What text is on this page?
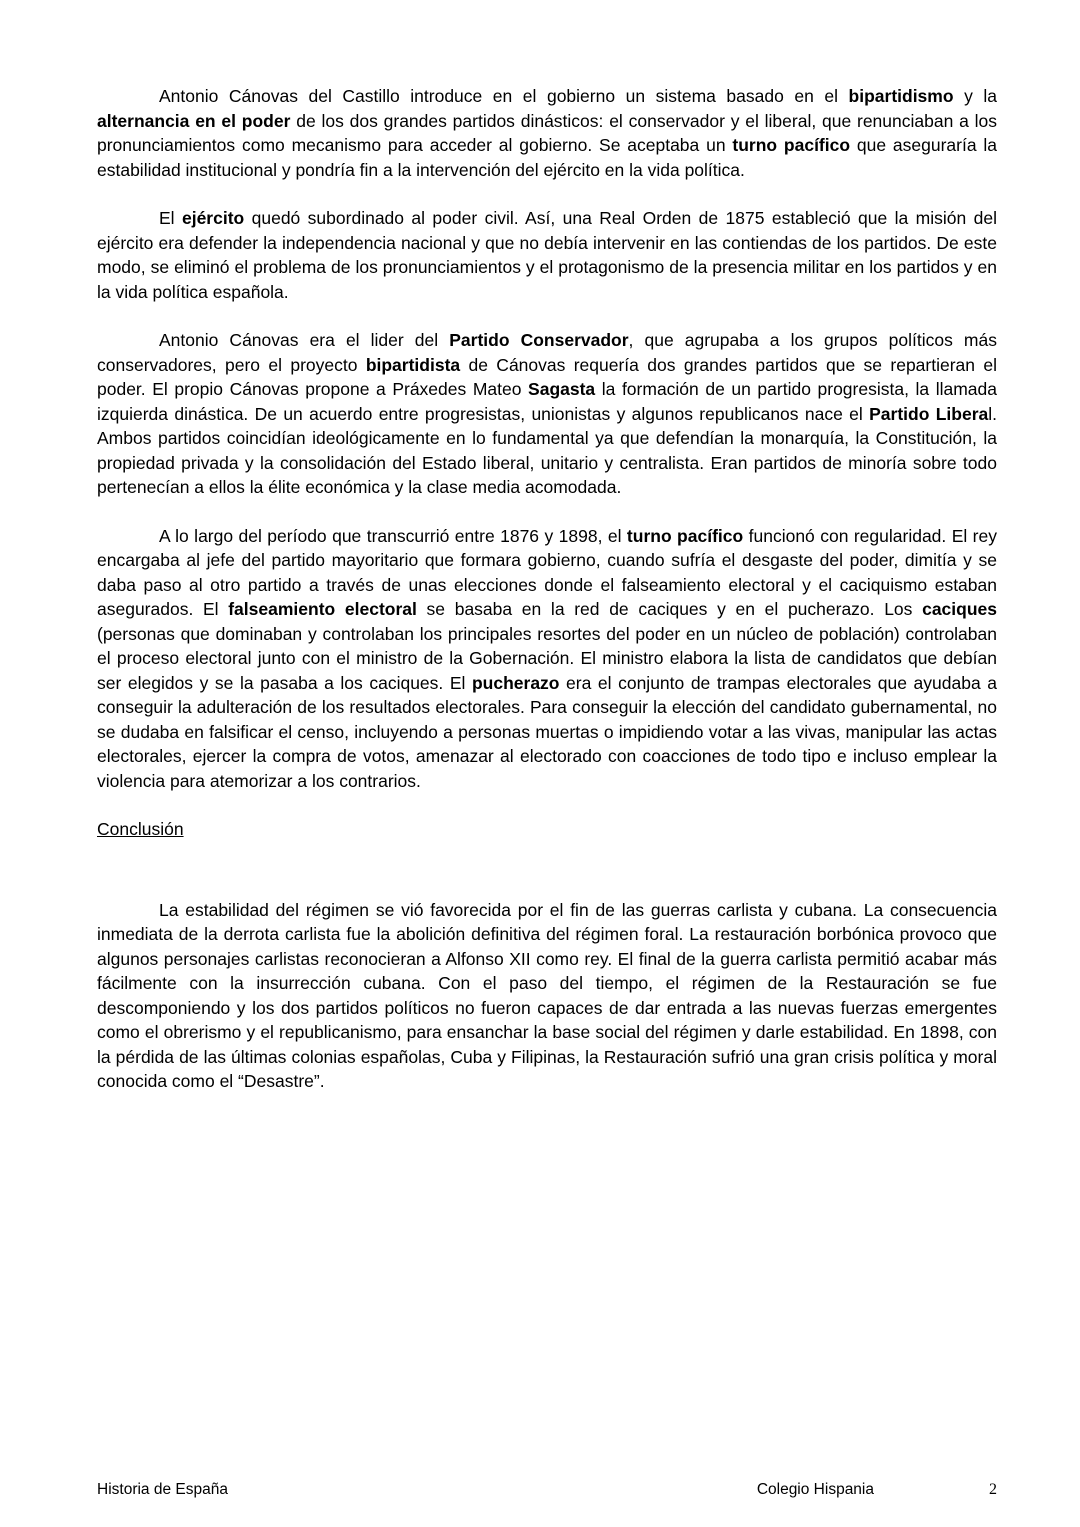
Antonio Cánovas del Castillo introduce en el gobierno un sistema basado en el bipartidismo y la alternancia en el poder de los dos grandes partidos dinásticos: el conservador y el liberal, que renunciaban a los pronunciamientos como mecanismo para acceder al gobierno. Se aceptaba un turno pacífico que aseguraría la estabilidad institucional y pondría fin a la intervención del ejército en la vida política.

El ejército quedó subordinado al poder civil. Así, una Real Orden de 1875 estableció que la misión del ejército era defender la independencia nacional y que no debía intervenir en las contiendas de los partidos. De este modo, se eliminó el problema de los pronunciamientos y el protagonismo de la presencia militar en los partidos y en la vida política española.

Antonio Cánovas era el lider del Partido Conservador, que agrupaba a los grupos políticos más conservadores, pero el proyecto bipartidista de Cánovas requería dos grandes partidos que se repartieran el poder. El propio Cánovas propone a Práxedes Mateo Sagasta la formación de un partido progresista, la llamada izquierda dinástica. De un acuerdo entre progresistas, unionistas y algunos republicanos nace el Partido Liberal. Ambos partidos coincidían ideológicamente en lo fundamental ya que defendían la monarquía, la Constitución, la propiedad privada y la consolidación del Estado liberal, unitario y centralista. Eran partidos de minoría sobre todo pertenecían a ellos la élite económica y la clase media acomodada.

A lo largo del período que transcurrió entre 1876 y 1898, el turno pacífico funcionó con regularidad. El rey encargaba al jefe del partido mayoritario que formara gobierno, cuando sufría el desgaste del poder, dimitía y se daba paso al otro partido a través de unas elecciones donde el falseamiento electoral y el caciquismo estaban asegurados. El falseamiento electoral se basaba en la red de caciques y en el pucherazo. Los caciques (personas que dominaban y controlaban los principales resortes del poder en un núcleo de población) controlaban el proceso electoral junto con el ministro de la Gobernación. El ministro elabora la lista de candidatos que debían ser elegidos y se la pasaba a los caciques. El pucherazo era el conjunto de trampas electorales que ayudaba a conseguir la adulteración de los resultados electorales. Para conseguir la elección del candidato gubernamental, no se dudaba en falsificar el censo, incluyendo a personas muertas o impidiendo votar a las vivas, manipular las actas electorales, ejercer la compra de votos, amenazar al electorado con coacciones de todo tipo e incluso emplear la violencia para atemorizar a los contrarios.

Conclusión

La estabilidad del régimen se vió favorecida por el fin de las guerras carlista y cubana. La consecuencia inmediata de la derrota carlista fue la abolición definitiva del régimen foral. La restauración borbónica provoco que algunos personajes carlistas reconocieran a Alfonso XII como rey. El final de la guerra carlista permitió acabar más fácilmente con la insurrección cubana. Con el paso del tiempo, el régimen de la Restauración se fue descomponiendo y los dos partidos políticos no fueron capaces de dar entrada a las nuevas fuerzas emergentes como el obrerismo y el republicanismo, para ensanchar la base social del régimen y darle estabilidad. En 1898, con la pérdida de las últimas colonias españolas, Cuba y Filipinas, la Restauración sufrió una gran crisis política y moral conocida como el “Desastre”.

Historia de España	Colegio Hispania	2
